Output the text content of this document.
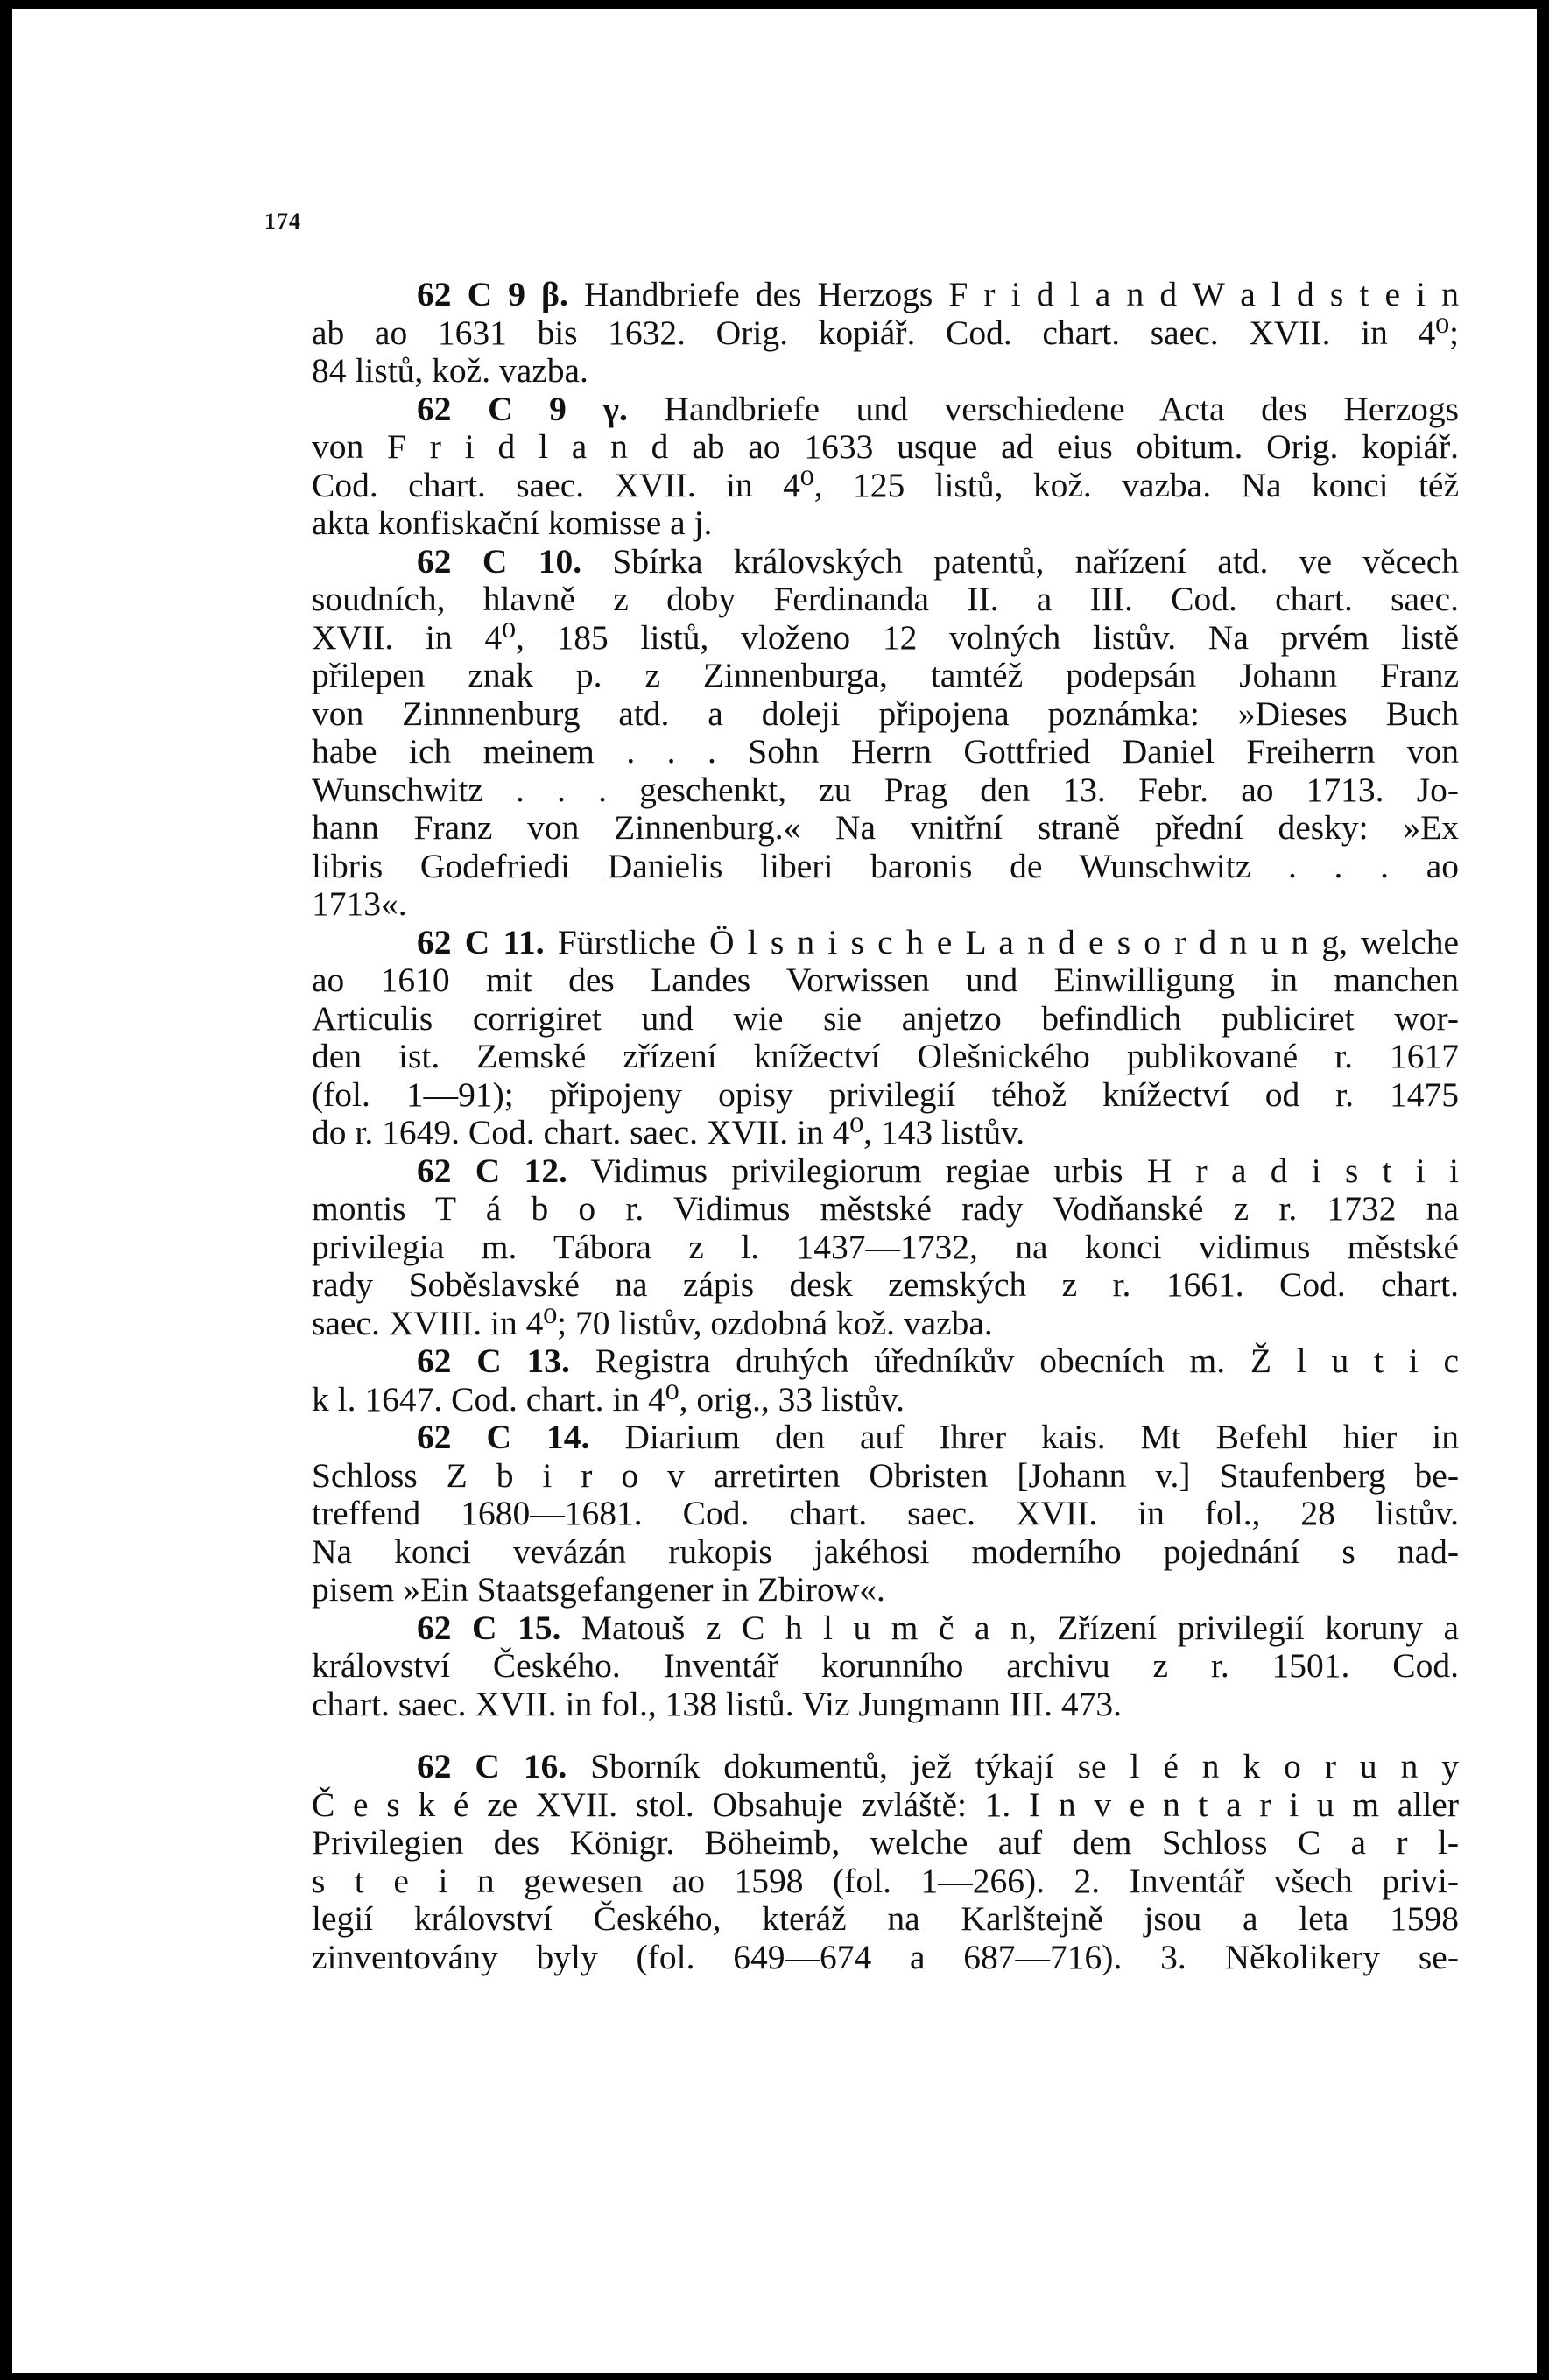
174
62 C 9 β. Handbriefe des Herzogs F r i d l a n d W a l d s t e i n
ab ao 1631 bis 1632. Orig. kopiář. Cod. chart. saec. XVII. in 4⁰;
84 listů, kož. vazba.
62 C 9 γ. Handbriefe und verschiedene Acta des Herzogs
von F r i d l a n d ab ao 1633 usque ad eius obitum. Orig. kopiář.
Cod. chart. saec. XVII. in 4⁰, 125 listů, kož. vazba. Na konci též
akta konfiskační komisse a j.
62 C 10. Sbírka královských patentů, nařízení atd. ve věcech
soudních, hlavně z doby Ferdinanda II. a III. Cod. chart. saec.
XVII. in 4⁰, 185 listů, vloženo 12 volných listův. Na prvém listě
přilepen znak p. z Zinnenburga, tamtéž podepsán Johann Franz
von Zinnnenburg atd. a doleji připojena poznámka: »Dieses Buch
habe ich meinem . . . Sohn Herrn Gottfried Daniel Freiherrn von
Wunschwitz . . . geschenkt, zu Prag den 13. Febr. ao 1713. Jo-
hann Franz von Zinnenburg.« Na vnitřní straně přední desky: »Ex
libris Godefriedi Danielis liberi baronis de Wunschwitz . . . ao
1713«.
62 C 11. Fürstliche Ö l s n i s c h e L a n d e s o r d n u n g, welche
ao 1610 mit des Landes Vorwissen und Einwilligung in manchen
Articulis corrigiret und wie sie anjetzo befindlich publiciret wor-
den ist. Zemské zřízení knížectví Olešnického publikované r. 1617
(fol. 1—91); připojeny opisy privilegií téhož knížectví od r. 1475
do r. 1649. Cod. chart. saec. XVII. in 4⁰, 143 listův.
62 C 12. Vidimus privilegiorum regiae urbis H r a d i s t i i
montis T á b o r. Vidimus městské rady Vodňanské z r. 1732 na
privilegia m. Tábora z l. 1437—1732, na konci vidimus městské
rady Soběslavské na zápis desk zemských z r. 1661. Cod. chart.
saec. XVIII. in 4⁰; 70 listův, ozdobná kož. vazba.
62 C 13. Registra druhých úředníkův obecních m. Ž l u t i c
k l. 1647. Cod. chart. in 4⁰, orig., 33 listův.
62 C 14. Diarium den auf Ihrer kais. Mt Befehl hier in
Schloss Z b i r o v arretirten Obristen [Johann v.] Staufenberg be-
treffend 1680—1681. Cod. chart. saec. XVII. in fol., 28 listův.
Na konci vevázán rukopis jakéhosi moderního pojednání s nad-
pisem »Ein Staatsgefangener in Zbirow«.
62 C 15. Matouš z C h l u m č a n, Zřízení privilegií koruny a
království Českého. Inventář korunního archivu z r. 1501. Cod.
chart. saec. XVII. in fol., 138 listů. Viz Jungmann III. 473.
62 C 16. Sborník dokumentů, jež týkají se l é n k o r u n y
Č e s k é ze XVII. stol. Obsahuje zvláště: 1. I n v e n t a r i u m aller
Privilegien des Königr. Böheimb, welche auf dem Schloss C a r l-
s t e i n gewesen ao 1598 (fol. 1—266). 2. Inventář všech privi-
legií království Českého, kteráž na Karlštejně jsou a leta 1598
zinventovány byly (fol. 649—674 a 687—716). 3. Několikery se-
